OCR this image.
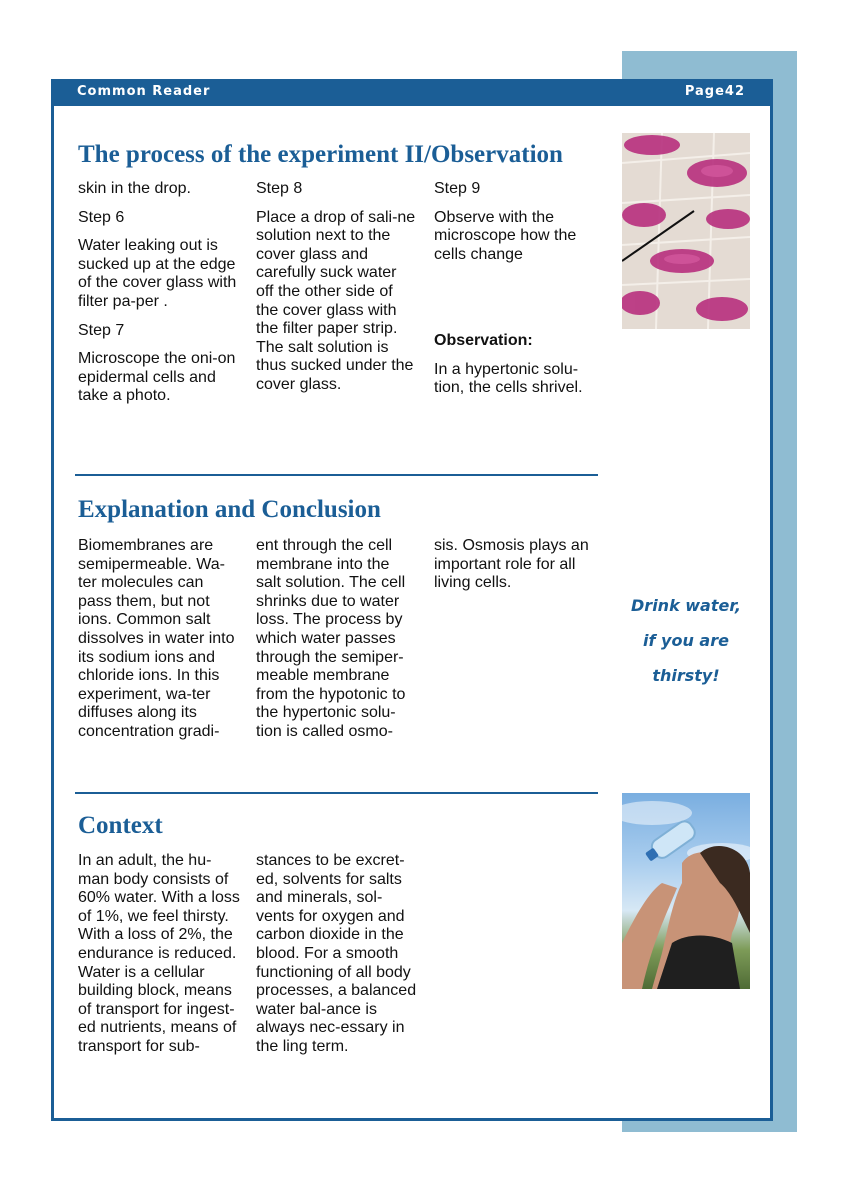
Common Reader	Page42
The process of the experiment II/Observation

skin in the drop.

Step 6

Water leaking out is sucked up at the edge of the cover glass with filter pa-per .

Step 7

Microscope the oni-on epidermal cells and take a photo.

Step 8

Place a drop of sali-ne solution next to the cover glass and carefully suck water off the other side of the cover glass with the filter paper strip. The salt solution is thus sucked under the cover glass.

Step 9

Observe with the microscope how the cells change

Observation:

In a hypertonic solu-tion, the cells shrivel.

Explanation and Conclusion

Biomembranes are semipermeable. Wa-ter molecules can pass them, but not ions. Common salt dissolves in water into its sodium ions and chloride ions. In this experiment, wa-ter diffuses along its concentration gradi-

ent through the cell membrane into the salt solution. The cell shrinks due to water loss. The process by which water passes through the semiper-meable membrane from the hypotonic to the hypertonic solu-tion is called osmo-

sis. Osmosis plays an important role for all living cells.

Drink water,
if you are
thirsty!
Context

In an adult, the hu-man body consists of 60% water. With a loss of 1%, we feel thirsty. With a loss of 2%, the endurance is reduced. Water is a cellular building block, means of transport for ingest-ed nutrients, means of transport for sub-

stances to be excret-ed, solvents for salts and minerals, sol-vents for oxygen and carbon dioxide in the blood. For a smooth functioning of all body processes, a balanced water bal-ance is always nec-essary in the ling term.
